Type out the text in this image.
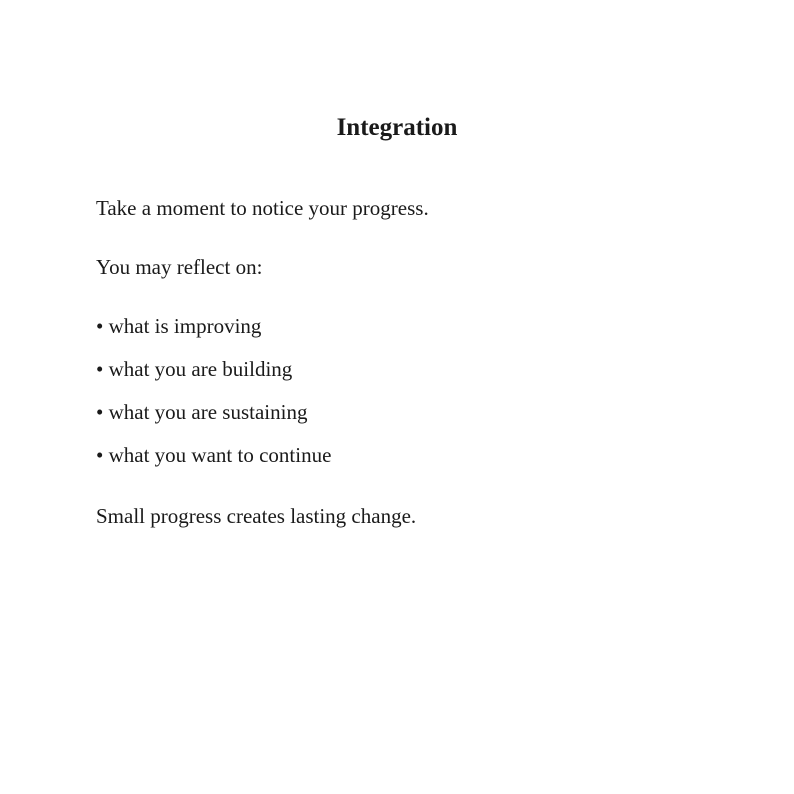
Integration

Take a moment to notice your progress.

You may reflect on:

• what is improving
• what you are building
• what you are sustaining
• what you want to continue

Small progress creates lasting change.
